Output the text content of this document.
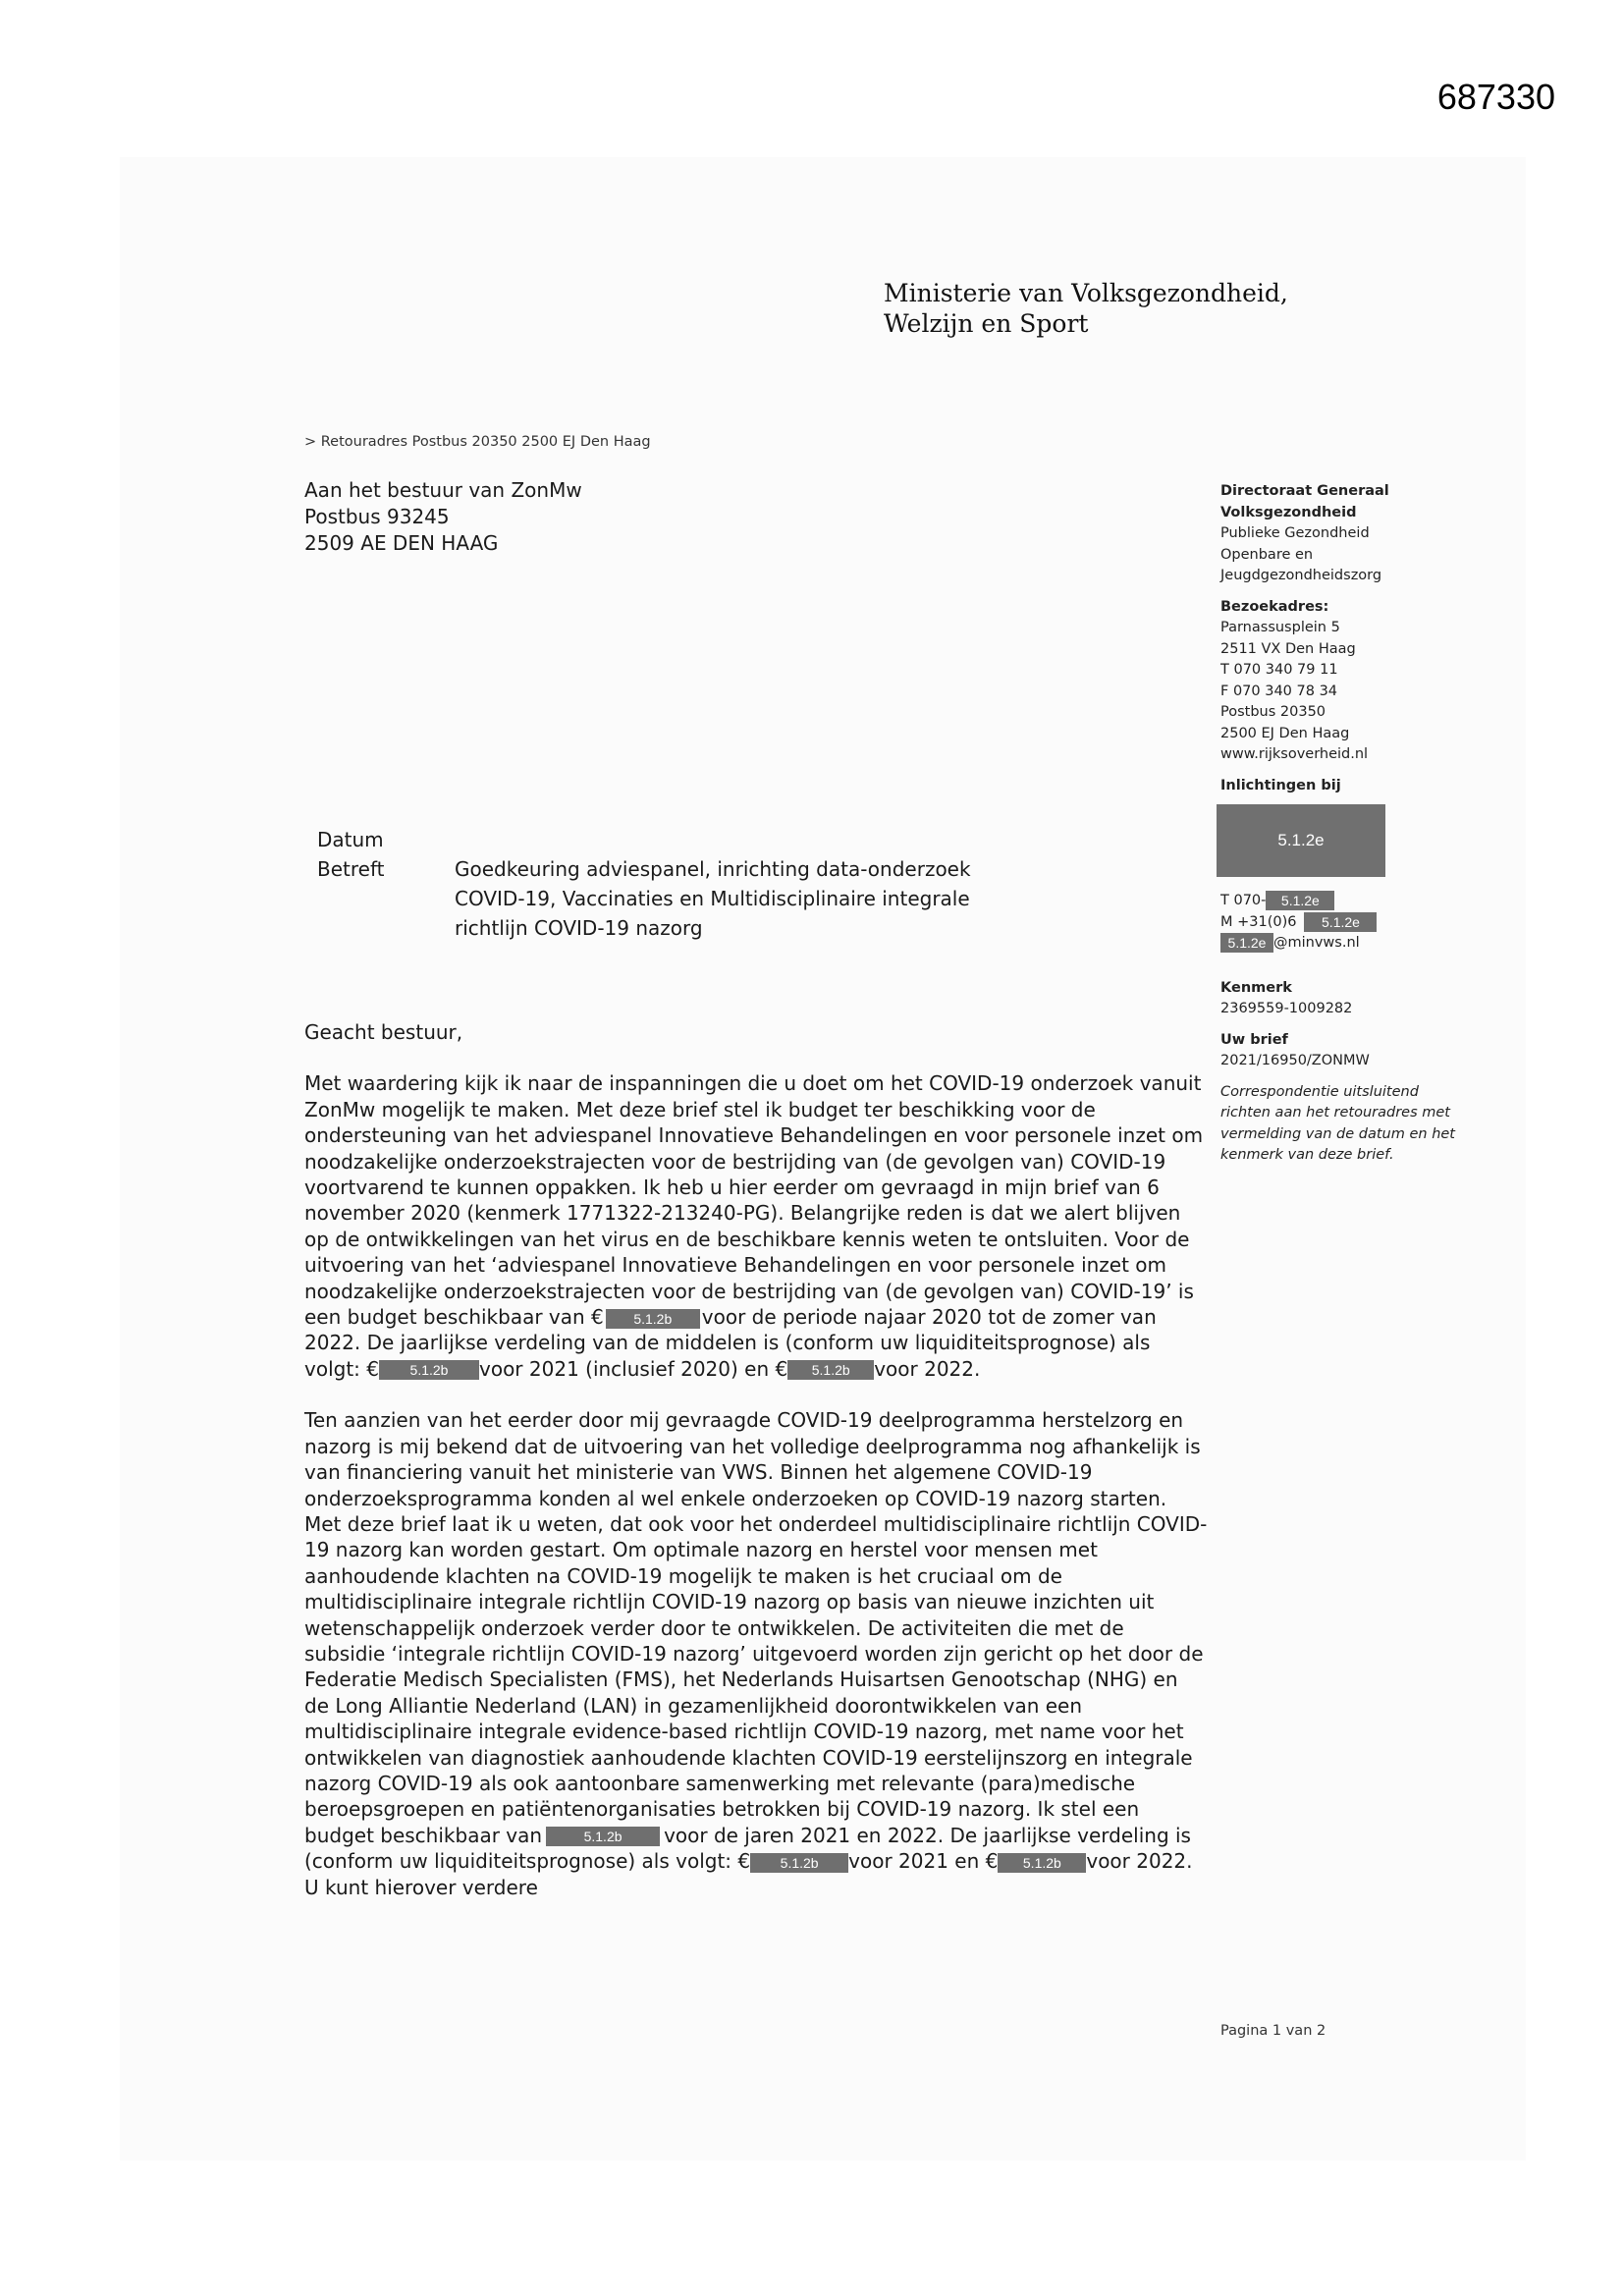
687330
Ministerie van Volksgezondheid,
Welzijn en Sport
> Retouradres Postbus 20350 2500 EJ Den Haag
Aan het bestuur van ZonMw
Postbus 93245
2509 AE DEN HAAG
Directoraat Generaal
Volksgezondheid
Publieke Gezondheid
Openbare en
Jeugdgezondheidszorg
Bezoekadres:
Parnassusplein 5
2511 VX Den Haag
T 070 340 79 11
F 070 340 78 34
Postbus 20350
2500 EJ Den Haag
www.rijksoverheid.nl
Inlichtingen bij
5.1.2e
T 070- 5.1.2e
M +31(0)6 5.1.2e
5.1.2e @minvws.nl
Kenmerk
2369559-1009282
Uw brief
2021/16950/ZONMW
Correspondentie uitsluitend richten aan het retouradres met vermelding van de datum en het kenmerk van deze brief.
Datum
Betreft	Goedkeuring adviespanel, inrichting data-onderzoek COVID-19, Vaccinaties en Multidisciplinaire integrale richtlijn COVID-19 nazorg

Geacht bestuur,

Met waardering kijk ik naar de inspanningen die u doet om het COVID-19 onderzoek vanuit ZonMw mogelijk te maken. Met deze brief stel ik budget ter beschikking voor de ondersteuning van het adviespanel Innovatieve Behandelingen en voor personele inzet om noodzakelijke onderzoekstrajecten voor de bestrijding van (de gevolgen van) COVID-19 voortvarend te kunnen oppakken. Ik heb u hier eerder om gevraagd in mijn brief van 6 november 2020 (kenmerk 1771322-213240-PG). Belangrijke reden is dat we alert blijven op de ontwikkelingen van het virus en de beschikbare kennis weten te ontsluiten. Voor de uitvoering van het ‘adviespanel Innovatieve Behandelingen en voor personele inzet om noodzakelijke onderzoekstrajecten voor de bestrijding van (de gevolgen van) COVID-19’ is een budget beschikbaar van € 5.1.2b voor de periode najaar 2020 tot de zomer van 2022. De jaarlijkse verdeling van de middelen is (conform uw liquiditeitsprognose) als volgt: € 5.1.2b voor 2021 (inclusief 2020) en € 5.1.2b voor 2022.

Ten aanzien van het eerder door mij gevraagde COVID-19 deelprogramma herstelzorg en nazorg is mij bekend dat de uitvoering van het volledige deelprogramma nog afhankelijk is van financiering vanuit het ministerie van VWS. Binnen het algemene COVID-19 onderzoeksprogramma konden al wel enkele onderzoeken op COVID-19 nazorg starten. Met deze brief laat ik u weten, dat ook voor het onderdeel multidisciplinaire richtlijn COVID-19 nazorg kan worden gestart. Om optimale nazorg en herstel voor mensen met aanhoudende klachten na COVID-19 mogelijk te maken is het cruciaal om de multidisciplinaire integrale richtlijn COVID-19 nazorg op basis van nieuwe inzichten uit wetenschappelijk onderzoek verder door te ontwikkelen. De activiteiten die met de subsidie ‘integrale richtlijn COVID-19 nazorg’ uitgevoerd worden zijn gericht op het door de Federatie Medisch Specialisten (FMS), het Nederlands Huisartsen Genootschap (NHG) en de Long Alliantie Nederland (LAN) in gezamenlijkheid doorontwikkelen van een multidisciplinaire integrale evidence-based richtlijn COVID-19 nazorg, met name voor het ontwikkelen van diagnostiek aanhoudende klachten COVID-19 eerstelijnszorg en integrale nazorg COVID-19 als ook aantoonbare samenwerking met relevante (para)medische beroepsgroepen en patiëntenorganisaties betrokken bij COVID-19 nazorg. Ik stel een budget beschikbaar van	5.1.2b voor de jaren 2021 en 2022. De jaarlijkse verdeling is (conform uw liquiditeitsprognose) als volgt: € 5.1.2b voor 2021 en € 5.1.2b voor 2022. U kunt hierover verdere

Pagina 1 van 2
